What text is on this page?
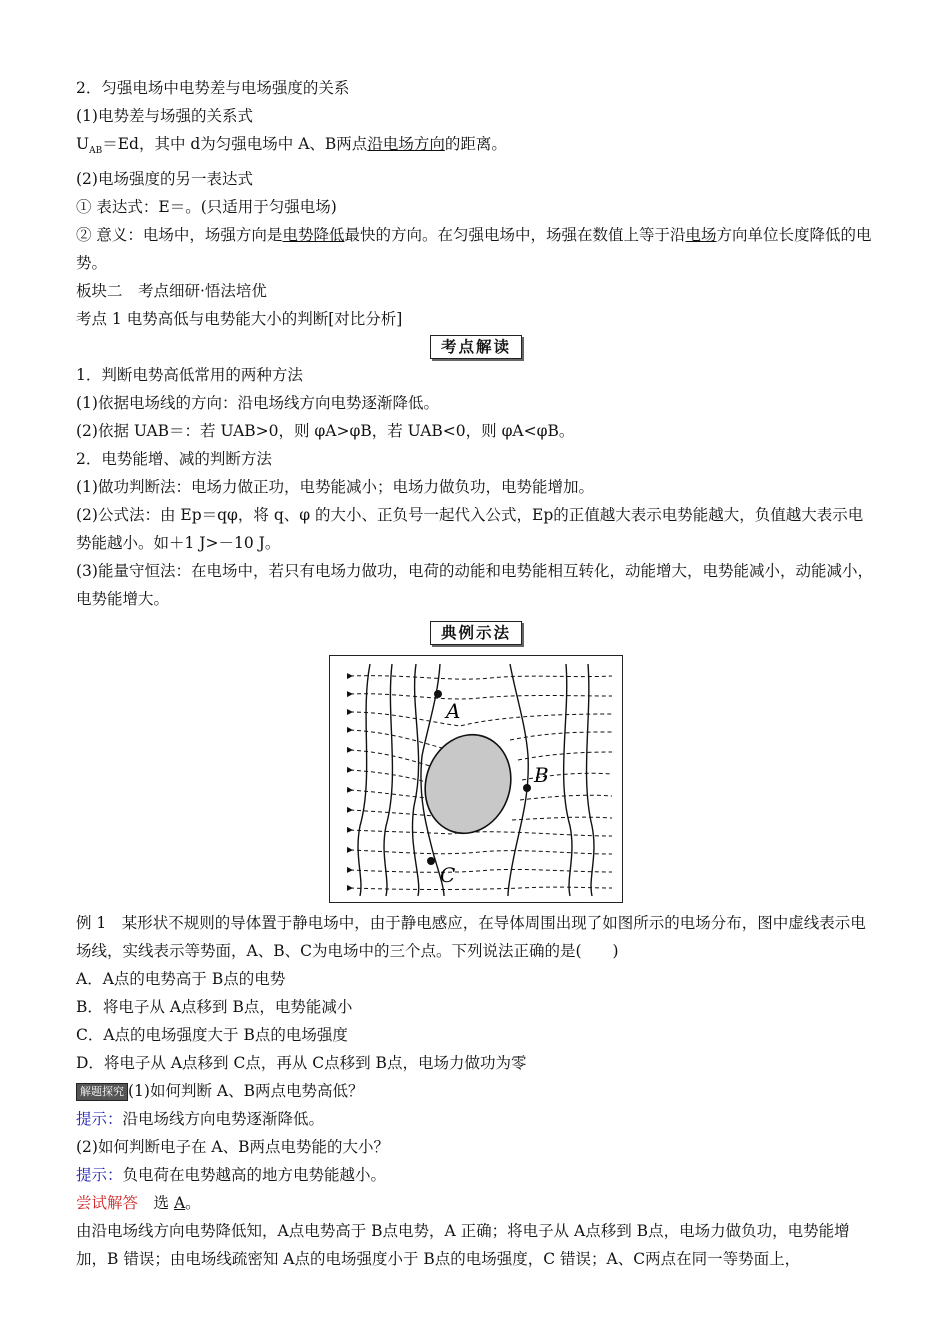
2．匀强电场中电势差与电场强度的关系
(1)电势差与场强的关系式
$U_{AB}=Ed$，其中 d为匀强电场中 A、B两点沿电场方向的距离。
(2)电场强度的另一表达式
① 表达式：E＝。(只适用于匀强电场)
② 意义：电场中，场强方向是电势降低最快的方向。在匀强电场中，场强在数值上等于沿电场方向单位长度降低的电势。
板块二　考点细研·悟法培优
考点 1 电势高低与电势能大小的判断[对比分析]
考点解读
1．判断电势高低常用的两种方法
(1)依据电场线的方向：沿电场线方向电势逐渐降低。
(2)依据 UAB＝：若 UAB>0，则 φA>φB，若 UAB<0，则 φA<φB。
2．电势能增、减的判断方法
(1)做功判断法：电场力做正功，电势能减小；电场力做负功，电势能增加。
(2)公式法：由 Ep＝qφ，将 q、φ 的大小、正负号一起代入公式，Ep的正值越大表示电势能越大，负值越大表示电势能越小。如＋1 J>－10 J。
(3)能量守恒法：在电场中，若只有电场力做功，电荷的动能和电势能相互转化，动能增大，电势能减小，动能减小，电势能增大。
典例示法
A
B
C
例 1　某形状不规则的导体置于静电场中，由于静电感应，在导体周围出现了如图所示的电场分布，图中虚线表示电场线，实线表示等势面，A、B、C为电场中的三个点。下列说法正确的是(　　)
A．A点的电势高于 B点的电势
B．将电子从 A点移到 B点，电势能减小
C．A点的电场强度大于 B点的电场强度
D．将电子从 A点移到 C点，再从 C点移到 B点，电场力做功为零
解题探究 (1)如何判断 A、B两点电势高低？
提示：沿电场线方向电势逐渐降低。
(2)如何判断电子在 A、B两点电势能的大小？
提示：负电荷在电势越高的地方电势能越小。
尝试解答　选 A。
由沿电场线方向电势降低知，A点电势高于 B点电势，A 正确；将电子从 A点移到 B点，电场力做负功，电势能增加，B 错误；由电场线疏密知 A点的电场强度小于 B点的电场强度，C 错误；A、C两点在同一等势面上，
